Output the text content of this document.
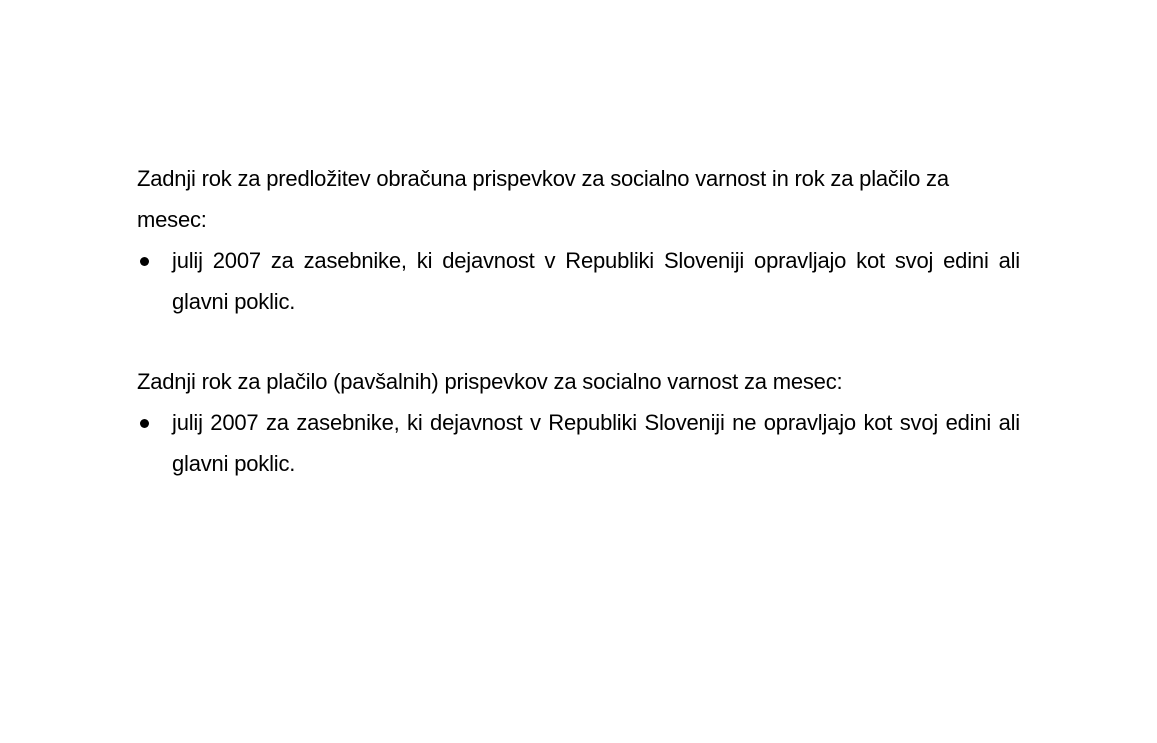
Zadnji rok za predložitev obračuna prispevkov za socialno varnost in rok za plačilo za mesec:

julij 2007 za zasebnike, ki dejavnost v Republiki Sloveniji opravljajo kot svoj edini ali glavni poklic.

Zadnji rok za plačilo (pavšalnih) prispevkov za socialno varnost za mesec:

julij 2007 za zasebnike, ki dejavnost v Republiki Sloveniji ne opravljajo kot svoj edini ali glavni poklic.
